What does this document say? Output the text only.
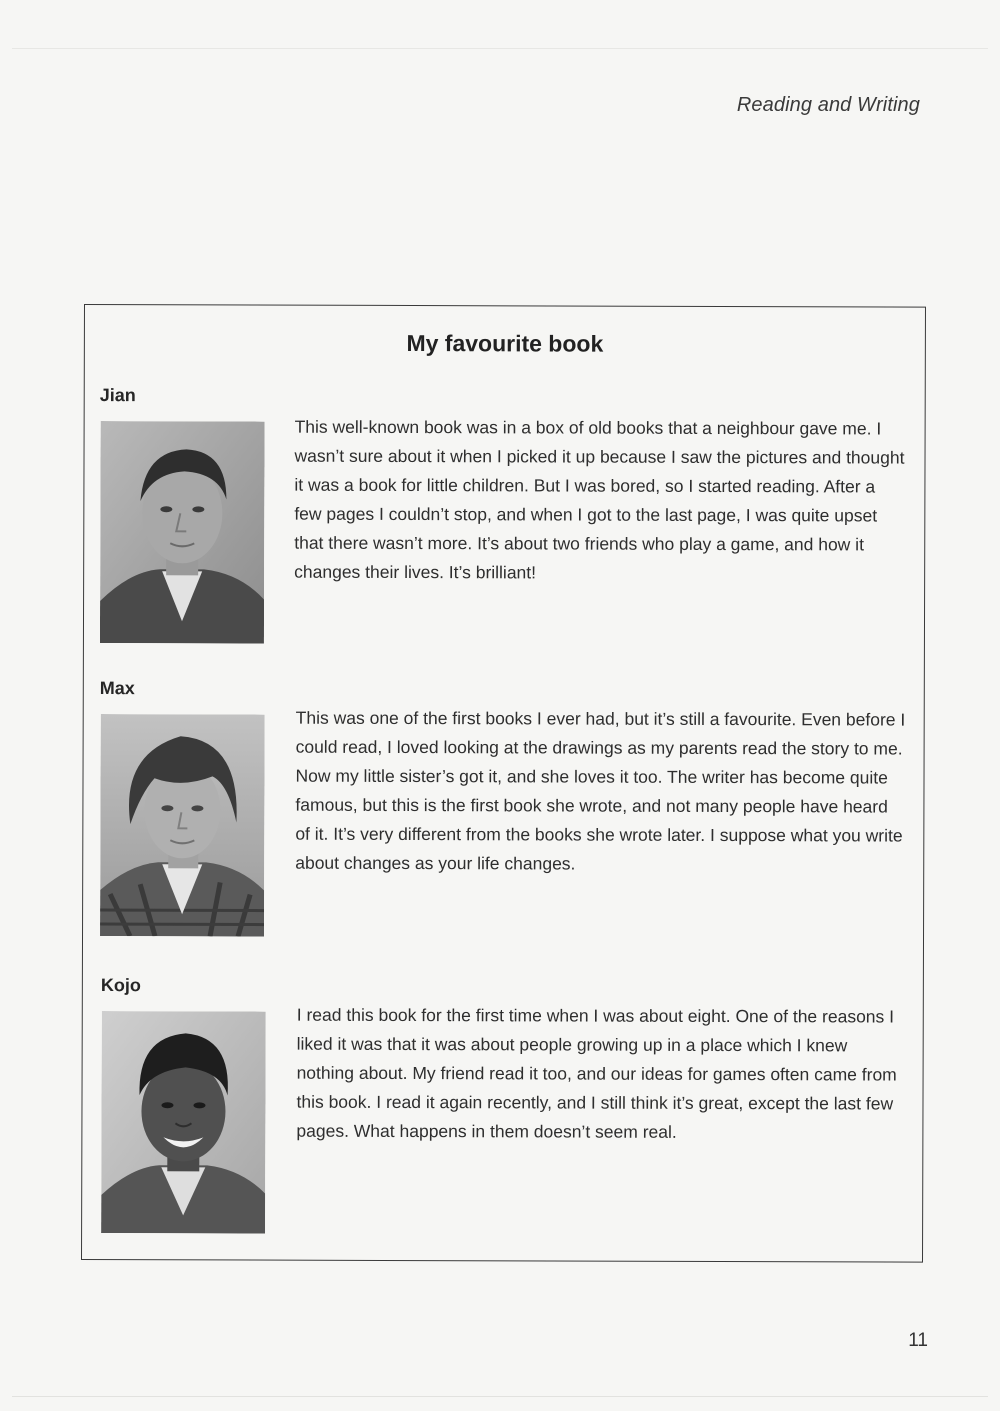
Reading and Writing
My favourite book
Jian
This well-known book was in a box of old books that a neighbour gave me. I wasn’t sure about it when I picked it up because I saw the pictures and thought it was a book for little children. But I was bored, so I started reading. After a few pages I couldn’t stop, and when I got to the last page, I was quite upset that there wasn’t more. It’s about two friends who play a game, and how it changes their lives. It’s brilliant!
Max
This was one of the first books I ever had, but it’s still a favourite. Even before I could read, I loved looking at the drawings as my parents read the story to me. Now my little sister’s got it, and she loves it too. The writer has become quite famous, but this is the first book she wrote, and not many people have heard of it. It’s very different from the books she wrote later. I suppose what you write about changes as your life changes.
Kojo
I read this book for the first time when I was about eight. One of the reasons I liked it was that it was about people growing up in a place which I knew nothing about. My friend read it too, and our ideas for games often came from this book. I read it again recently, and I still think it’s great, except the last few pages. What happens in them doesn’t seem real.
11
